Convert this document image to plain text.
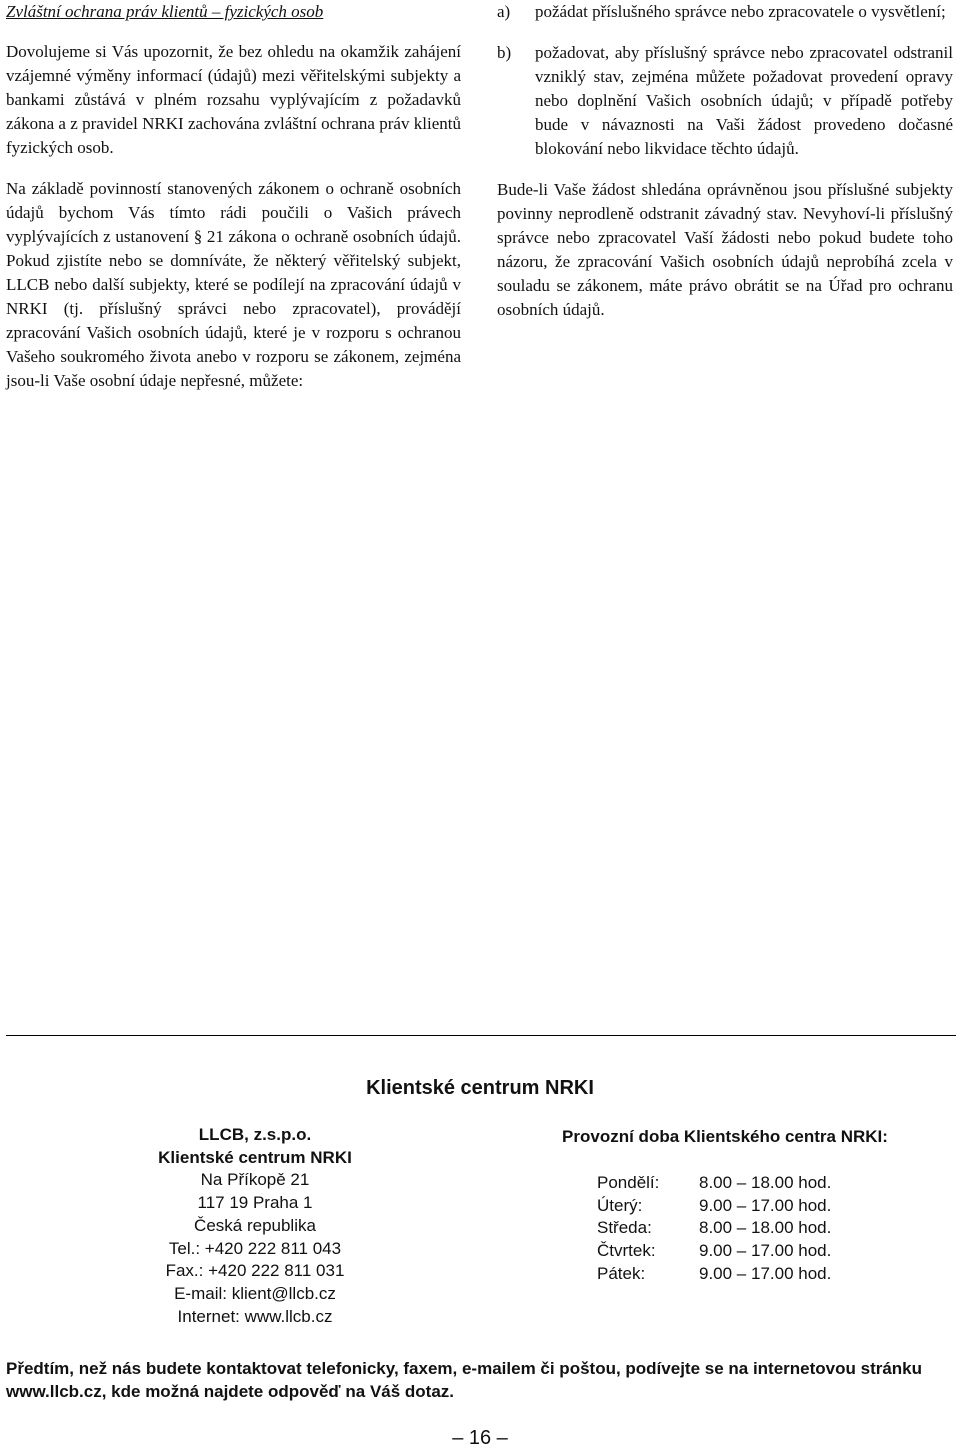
Zvláštní ochrana práv klientů – fyzických osob

Dovolujeme si Vás upozornit, že bez ohledu na okamžik zahájení vzájemné výměny informací (údajů) mezi věřitelskými subjekty a bankami zůstává v plném rozsahu vyplývajícím z požadavků zákona a z pravidel NRKI zachována zvláštní ochrana práv klientů fyzických osob.

Na základě povinností stanovených zákonem o ochraně osobních údajů bychom Vás tímto rádi poučili o Vašich právech vyplývajících z ustanovení § 21 zákona o ochraně osobních údajů. Pokud zjistíte nebo se domníváte, že některý věřitelský subjekt, LLCB nebo další subjekty, které se podílejí na zpracování údajů v NRKI (tj. příslušný správci nebo zpracovatel), provádějí zpracování Vašich osobních údajů, které je v rozporu s ochranou Vašeho soukromého života anebo v rozporu se zákonem, zejména jsou-li Vaše osobní údaje nepřesné, můžete:

a) požádat příslušného správce nebo zpracovatele o vysvětlení;
b) požadovat, aby příslušný správce nebo zpracovatel odstranil vzniklý stav, zejména můžete požadovat provedení opravy nebo doplnění Vašich osobních údajů; v případě potřeby bude v návaznosti na Vaši žádost provedeno dočasné blokování nebo likvidace těchto údajů.

Bude-li Vaše žádost shledána oprávněnou jsou příslušné subjekty povinny neprodleně odstranit závadný stav. Nevyhoví-li příslušný správce nebo zpracovatel Vaší žádosti nebo pokud budete toho názoru, že zpracování Vašich osobních údajů neprobíhá zcela v souladu se zákonem, máte právo obrátit se na Úřad pro ochranu osobních údajů.

Klientské centrum NRKI
LLCB, z.s.p.o.
Klientské centrum NRKI
Na Příkopě 21
117 19 Praha 1
Česká republika
Tel.: +420 222 811 043
Fax.: +420 222 811 031
E-mail: klient@llcb.cz
Internet: www.llcb.cz
Provozní doba Klientského centra NRKI:
Pondělí:	8.00 – 18.00 hod.
Úterý:	9.00 – 17.00 hod.
Středa:	8.00 – 18.00 hod.
Čtvrtek:	9.00 – 17.00 hod.
Pátek:	9.00 – 17.00 hod.
Předtím, než nás budete kontaktovat telefonicky, faxem, e-mailem či poštou, podívejte se na internetovou stránku www.llcb.cz, kde možná najdete odpověď na Váš dotaz.
– 16 –
